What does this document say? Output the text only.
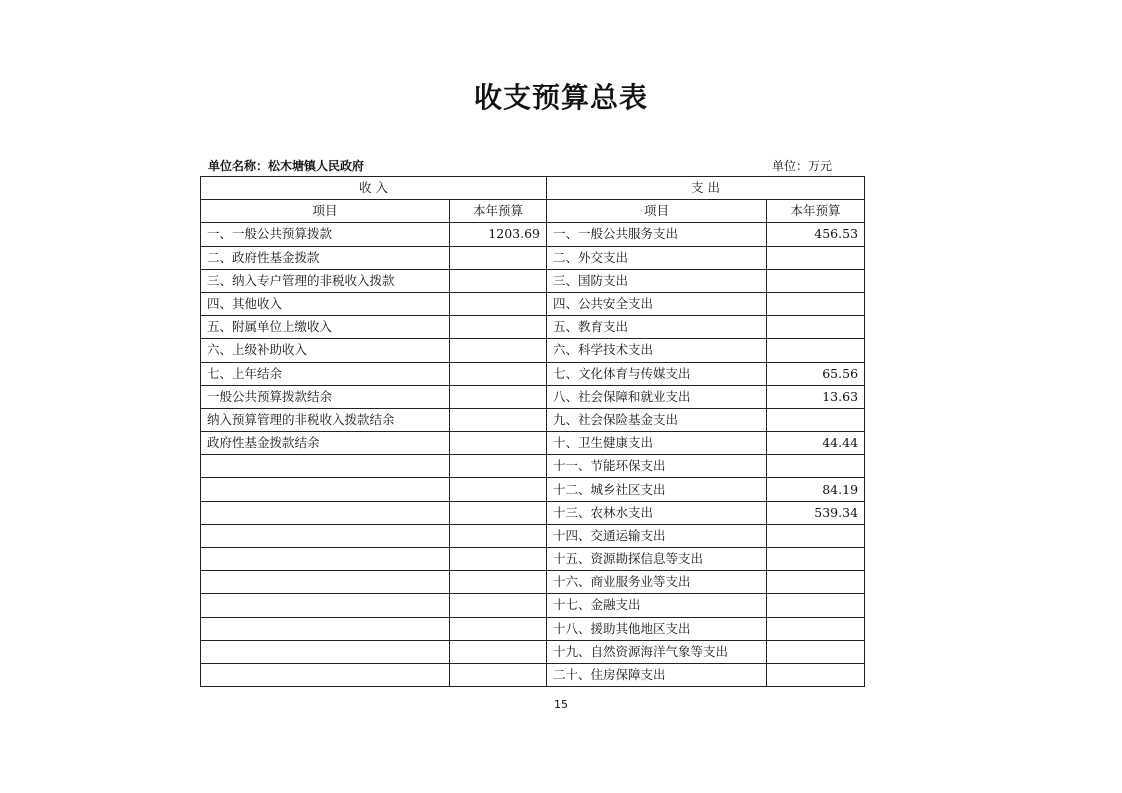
收支预算总表
单位名称：松木塘镇人民政府	单位：万元
收 入		支 出	
项目	本年预算	项目	本年预算
一、一般公共预算拨款	1203.69	一、一般公共服务支出	456.53
二、政府性基金拨款		二、外交支出	
三、纳入专户管理的非税收入拨款		三、国防支出	
四、其他收入		四、公共安全支出	
五、附属单位上缴收入		五、教育支出	
六、上级补助收入		六、科学技术支出	
七、上年结余		七、文化体育与传媒支出	65.56
一般公共预算拨款结余		八、社会保障和就业支出	13.63
纳入预算管理的非税收入拨款结余		九、社会保险基金支出	
政府性基金拨款结余		十、卫生健康支出	44.44
		十一、节能环保支出	
		十二、城乡社区支出	84.19
		十三、农林水支出	539.34
		十四、交通运输支出	
		十五、资源勘探信息等支出	
		十六、商业服务业等支出	
		十七、金融支出	
		十八、援助其他地区支出	
		十九、自然资源海洋气象等支出	
		二十、住房保障支出	
15
